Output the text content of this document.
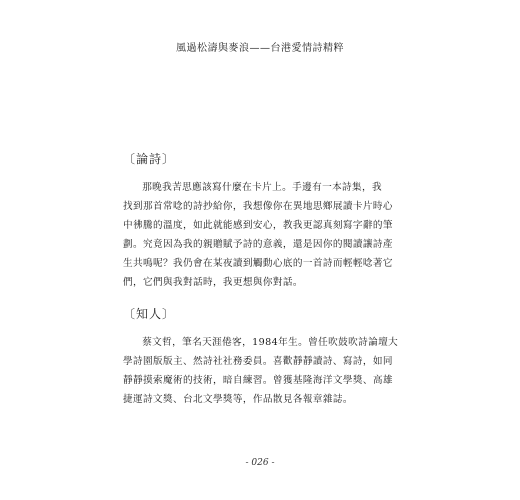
風過松濤與麥浪——台港愛情詩精粹
〔論詩〕
那晚我苦思應該寫什麼在卡片上。手邊有一本詩集，我
找到那首常唸的詩抄給你，我想像你在異地思鄉展讀卡片時心
中彿騰的溫度，如此就能感到安心，教我更認真刻寫字辭的筆
劃。究竟因為我的親贈賦予詩的意義，還是因你的閱讀讓詩產
生共鳴呢？我仍會在某夜讀到觸動心底的一首詩而輕輕唸著它
們，它們與我對話時，我更想與你對話。
〔知人〕
蔡文哲，筆名天涯倦客，1984年生。曾任吹鼓吹詩論壇大
學詩園版版主、然詩社社務委員。喜歡靜靜讀詩、寫詩，如同
靜靜摸索魔術的技術，暗自練習。曾獲基隆海洋文學獎、高雄
捷運詩文獎、台北文學獎等，作品散見各報章雜誌。
- 026 -
